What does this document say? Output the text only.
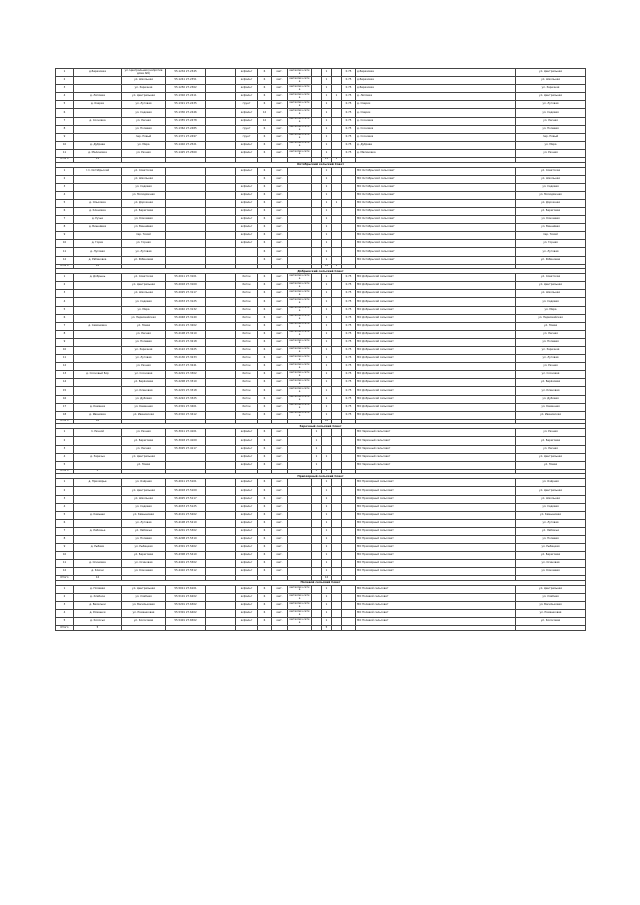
1	д.Березовка	ул. Центральная (напротив дома №5)	55.1234 27.2345		асфальт	6	мет.	металлич.сетка		1		0.75	д.Березовка	ул. Центральная
2		ул. Школьная	55.1241 27.2351		асфальт	6	мет.	металлич.сетка		1		0.75	д.Березовка	ул. Школьная
3		ул. Заречная	55.1250 27.2362		асфальт	6	мет.	металлич.сетка		1		0.75	д.Березовка	ул. Заречная
4	д. Липовка	ул. Центральная	55.1302 27.2411		асфальт	6	мет.	металлич.сетка		1	1	0.75	д. Липовка	ул. Центральная
5	д. Озерки	ул. Луговая	55.1321 27.2435		грунт	6	мет.	металлич.сетка		1		0.75	д. Озерки	ул. Луговая
6		ул. Садовая	55.1330 27.2446		асфальт	12	мет.	металлич.сетка		1		0.75	д. Озерки	ул. Садовая
7	д. Сосновка	ул. Лесная	55.1355 27.2478		асфальт	12	мет.	металлич.сетка		1		0.75	д. Сосновка	ул. Лесная
8		ул. Полевая	55.1362 27.2485		грунт	6	мет.	металлич.сетка		1		0.75	д. Сосновка	ул. Полевая
9		пер. Новый	55.1371 27.2497		грунт	6	мет.	металлич.сетка		1		0.75	д. Сосновка	пер. Новый
10	д. Дубрава	ул. Мира	55.1402 27.2521		асфальт	6	мет.	металлич.сетка		1		0.75	д. Дубрава	ул. Мира
11	д. Малиновка	ул. Речная	55.1425 27.2560		асфальт	6	мет.	металлич.сетка		1		0.75	д. Малиновка	ул. Речная
Итого	11									11	1			
Октябрьский сельский Совет														
1	г.п. Октябрьский	ул. Советская			асфальт	6	мет.			1			МО Октябрьский сельсовет	ул. Советская
2		ул. Школьная				6	мет.			1			МО Октябрьский сельсовет	ул. Школьная
3		ул. Садовая			асфальт	6	мет.			1			МО Октябрьский сельсовет	ул. Садовая
4		ул. Молодёжная			асфальт	6	мет.			1			МО Октябрьский сельсовет	ул. Молодёжная
5	д. Ольховка	ул. Дорожная			асфальт	6	мет.			1	1		МО Октябрьский сельсовет	ул. Дорожная
6	д. Кленовка	ул. Береговая			асфальт	6	мет.			1			МО Октябрьский сельсовет	ул. Береговая
7	д. Ручьи	ул. Ключевая			асфальт	6	мет.			1			МО Октябрьский сельсовет	ул. Ключевая
8	д. Вишнёвка	ул. Вишнёвая			асфальт	6	мет.			1			МО Октябрьский сельсовет	ул. Вишнёвая
9		пер. Тихий			асфальт	6	мет.			1			МО Октябрьский сельсовет	пер. Тихий
10	д. Горки	ул. Горная			асфальт	6	мет.			1			МО Октябрьский сельсовет	ул. Горная
11	д. Луговая	ул. Луговая				6	мет.			1			МО Октябрьский сельсовет	ул. Луговая
12	д. Рябиновка	ул. Рябиновая				6	мет.			1			МО Октябрьский сельсовет	ул. Рябиновая
Итого	12									12	1			
Добрынский сельский Совет														
1	д. Добрынь	ул. Советская	55.2011 27.3101		бетон	6	мет.	металлич.сетка		1		0.75	МО Добрынский сельсовет	ул. Советская
2		ул. Центральная	55.2018 27.3109		бетон	6	мет.	металлич.сетка		1		0.75	МО Добрынский сельсовет	ул. Центральная
3		ул. Школьная	55.2025 27.3117		бетон	6	мет.	металлич.сетка		1		0.75	МО Добрынский сельсовет	ул. Школьная
4		ул. Садовая	55.2033 27.3125		бетон	6	мет.	металлич.сетка		1		0.75	МО Добрынский сельсовет	ул. Садовая
5		ул. Мира	55.2040 27.3132		бетон	6	мет.	металлич.сетка		1		0.75	МО Добрынский сельсовет	ул. Мира
6		ул. Первомайская	55.2048 27.3140		бетон	6	мет.	металлич.сетка		1		0.75	МО Добрынский сельсовет	ул. Первомайская
7	д. Семёновка	ул. Новая	55.2101 27.3202		бетон	6	мет.	металлич.сетка		1		0.75	МО Добрынский сельсовет	ул. Новая
8		ул. Лесная	55.2108 27.3210		бетон	6	мет.	металлич.сетка		1		0.75	МО Добрынский сельсовет	ул. Лесная
9		ул. Полевая	55.2115 27.3218		бетон	6	мет.	металлич.сетка		1		0.75	МО Добрынский сельсовет	ул. Полевая
10		ул. Заречная	55.2122 27.3225		бетон	6	мет.	металлич.сетка		1		0.75	МО Добрынский сельсовет	ул. Заречная
11		ул. Луговая	55.2130 27.3233		бетон	6	мет.	металлич.сетка		1		0.75	МО Добрынский сельсовет	ул. Луговая
12		ул. Речная	55.2137 27.3241		бетон	6	мет.	металлич.сетка		1		0.75	МО Добрынский сельсовет	ул. Речная
13	д. Сосновый Бор	ул. Сосновая	55.2201 27.3302		бетон	6	мет.	металлич.сетка		1		0.75	МО Добрынский сельсовет	ул. Сосновая
14		ул. Берёзовая	55.2208 27.3310		бетон	6	мет.	металлич.сетка		1		0.75	МО Добрынский сельсовет	ул. Берёзовая
15		ул. Кленовая	55.2215 27.3318		бетон	6	мет.	металлич.сетка		1		0.75	МО Добрынский сельсовет	ул. Кленовая
16		ул. Дубовая	55.2222 27.3325		бетон	6	мет.	металлич.сетка		1		0.75	МО Добрынский сельсовет	ул. Дубовая
17	д. Каменка	ул. Каменная	55.2301 27.3401		бетон	6	мет.	металлич.сетка		1		0.75	МО Добрынский сельсовет	ул. Каменная
18	д. Ивановка	ул. Ивановская	55.2310 27.3412		бетон	6	мет.	металлич.сетка		1		0.75	МО Добрынский сельсовет	ул. Ивановская
Итого	18									18				
Заречный сельский Совет														
1	п. Речной	ул. Речная	55.3011 27.4101		асфальт	6	мет.		1				МО Заречный сельсовет	ул. Речная
2		ул. Береговая	55.3018 27.4109		асфальт	6	мет.		1				МО Заречный сельсовет	ул. Береговая
3		ул. Лесная	55.3025 27.4117		асфальт	6	мет.		1				МО Заречный сельсовет	ул. Лесная
4	д. Заречье	ул. Центральная			асфальт	6	мет.		1	1			МО Заречный сельсовет	ул. Центральная
5		ул. Новая			асфальт	6	мет.		1				МО Заречный сельсовет	ул. Новая
Итого	5								5	1				
Приозёрный сельский Совет														
1	д. Приозёрье	ул. Озёрная	55.4011 27.5101		асфальт	6	мет.			1			МО Приозёрный сельсовет	ул. Озёрная
2		ул. Центральная	55.4018 27.5109		асфальт	6	мет.			1			МО Приозёрный сельсовет	ул. Центральная
3		ул. Школьная	55.4025 27.5117		асфальт	6	мет.			1			МО Приозёрный сельсовет	ул. Школьная
4		ул. Садовая	55.4033 27.5125		асфальт	6	мет.			1			МО Приозёрный сельсовет	ул. Садовая
5	д. Камыши	ул. Камышовая	55.4101 27.5202		асфальт	6	мет.			1			МО Приозёрный сельсовет	ул. Камышовая
6		ул. Луговая	55.4108 27.5210		асфальт	6	мет.			1			МО Приозёрный сельсовет	ул. Луговая
7	д. Лебяжье	ул. Лебяжья	55.4201 27.5302		асфальт	6	мет.			1			МО Приозёрный сельсовет	ул. Лебяжья
8		ул. Полевая	55.4208 27.5310		асфальт	6	мет.			1			МО Приозёрный сельсовет	ул. Полевая
9	д. Рыбаки	ул. Рыбацкая	55.4301 27.5402		асфальт	6	мет.			1			МО Приозёрный сельсовет	ул. Рыбацкая
10		ул. Береговая	55.4308 27.5410		асфальт	6	мет.			1			МО Приозёрный сельсовет	ул. Береговая
11	д. Осиновка	ул. Осиновая	55.4401 27.5502		асфальт	6	мет.			1			МО Приозёрный сельсовет	ул. Осиновая
12	д. Ключи	ул. Ключевая	55.4410 27.5512		асфальт	6	мет.			1			МО Приозёрный сельсовет	ул. Ключевая
Итого	12									12				
Полевой сельский Совет														
1	д. Полевая	ул. Центральная	55.5011 27.6101		асфальт	6	мет.	металлич.сетка		1			МО Полевой сельсовет	ул. Центральная
2	д. Хлебное	ул. Хлебная	55.5101 27.6202		асфальт	6	мет.	металлич.сетка		1			МО Полевой сельсовет	ул. Хлебная
3	д. Васильки	ул. Васильковая	55.5201 27.6302		асфальт	6	мет.	металлич.сетка		1			МО Полевой сельсовет	ул. Васильковая
4	д. Ромашки	ул. Ромашковая	55.5301 27.6402		асфальт	6	мет.	металлич.сетка		1			МО Полевой сельсовет	ул. Ромашковая
5	д. Колосья	ул. Колосовая	55.5401 27.6502		асфальт	6	мет.	металлич.сетка		1			МО Полевой сельсовет	ул. Колосовая
Итого	5									5				
